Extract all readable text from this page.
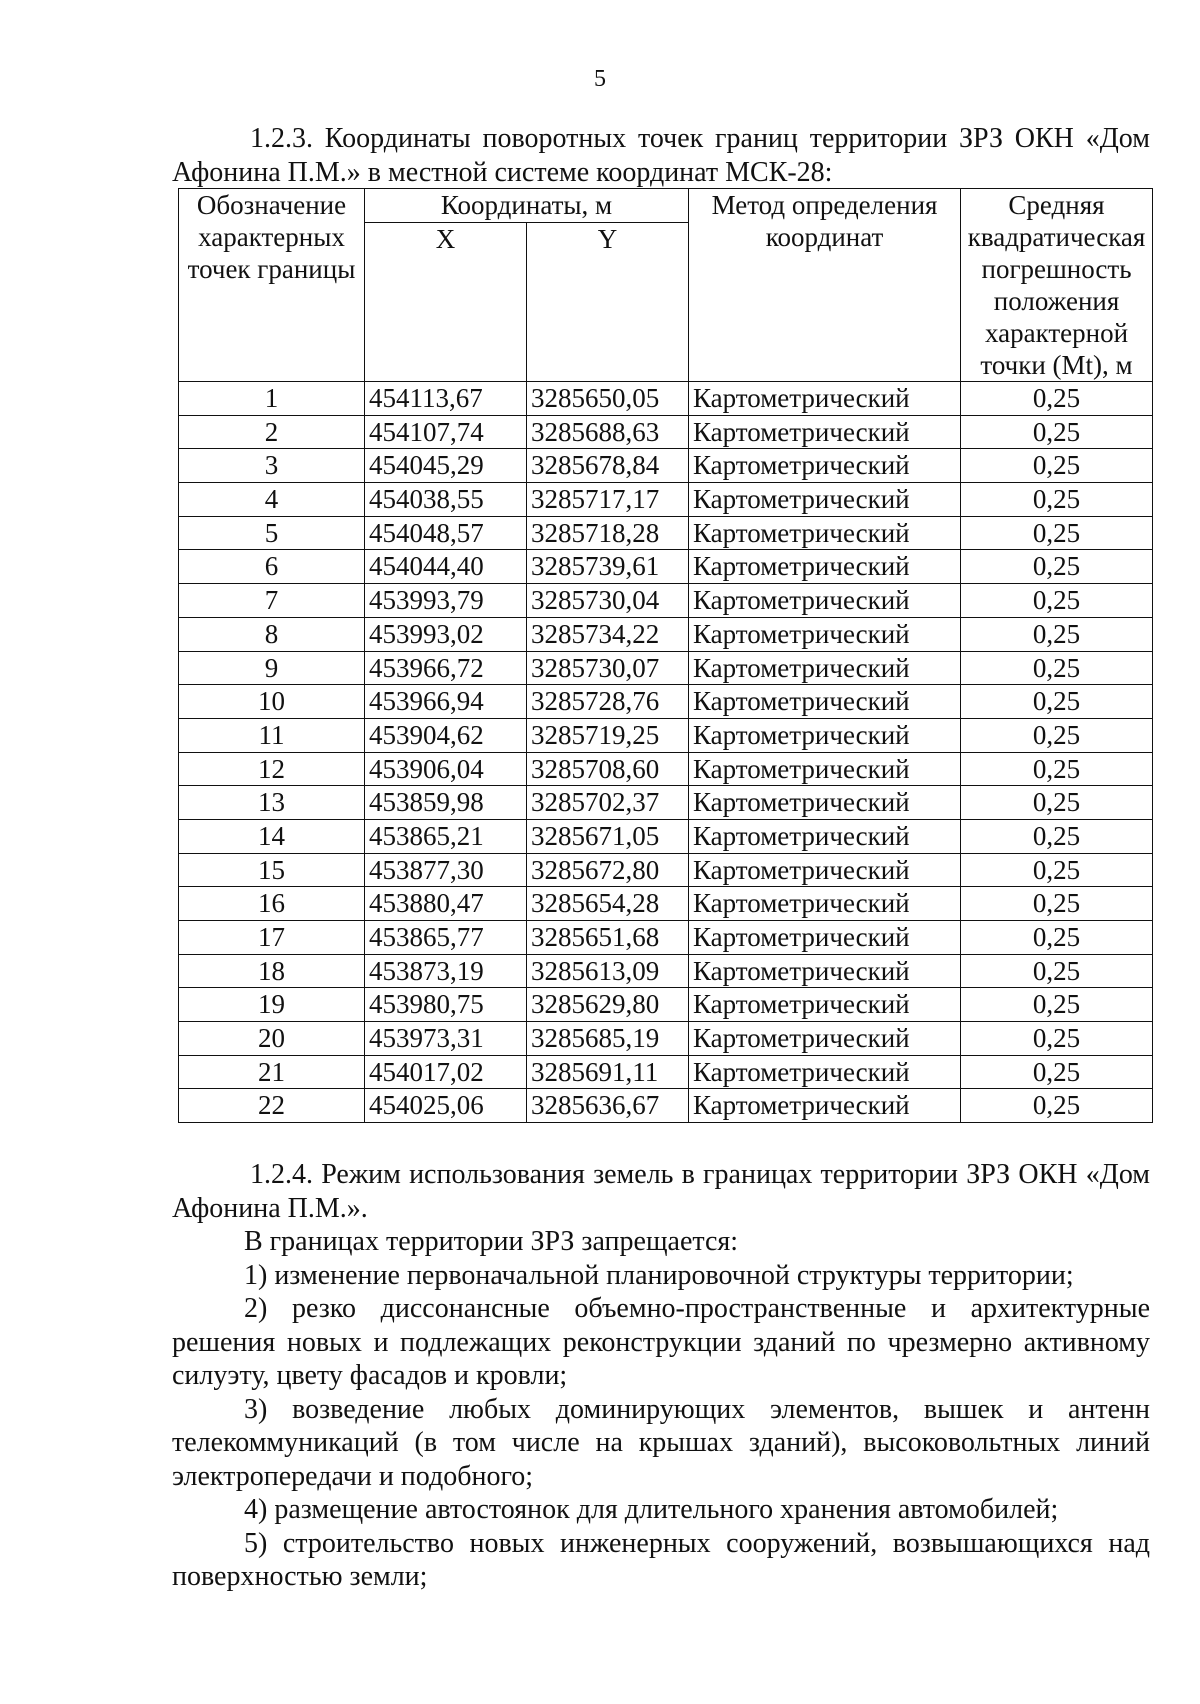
5
1.2.3. Координаты поворотных точек границ территории ЗРЗ ОКН «Дом Афонина П.М.» в местной системе координат МСК-28:
Обозначение характерных точек границы	Координаты, м		Метод определения координат	Средняя квадратическая погрешность положения характерной точки (Mt), м
	X	Y		
1	454113,67	3285650,05	Картометрический	0,25
2	454107,74	3285688,63	Картометрический	0,25
3	454045,29	3285678,84	Картометрический	0,25
4	454038,55	3285717,17	Картометрический	0,25
5	454048,57	3285718,28	Картометрический	0,25
6	454044,40	3285739,61	Картометрический	0,25
7	453993,79	3285730,04	Картометрический	0,25
8	453993,02	3285734,22	Картометрический	0,25
9	453966,72	3285730,07	Картометрический	0,25
10	453966,94	3285728,76	Картометрический	0,25
11	453904,62	3285719,25	Картометрический	0,25
12	453906,04	3285708,60	Картометрический	0,25
13	453859,98	3285702,37	Картометрический	0,25
14	453865,21	3285671,05	Картометрический	0,25
15	453877,30	3285672,80	Картометрический	0,25
16	453880,47	3285654,28	Картометрический	0,25
17	453865,77	3285651,68	Картометрический	0,25
18	453873,19	3285613,09	Картометрический	0,25
19	453980,75	3285629,80	Картометрический	0,25
20	453973,31	3285685,19	Картометрический	0,25
21	454017,02	3285691,11	Картометрический	0,25
22	454025,06	3285636,67	Картометрический	0,25

1.2.4. Режим использования земель в границах территории ЗРЗ ОКН «Дом Афонина П.М.».

В границах территории ЗРЗ запрещается:

1) изменение первоначальной планировочной структуры территории;

2) резко диссонансные объемно-пространственные и архитектурные решения новых и подлежащих реконструкции зданий по чрезмерно активному силуэту, цвету фасадов и кровли;

3) возведение любых доминирующих элементов, вышек и антенн телекоммуникаций (в том числе на крышах зданий), высоковольтных линий электропередачи и подобного;

4) размещение автостоянок для длительного хранения автомобилей;

5) строительство новых инженерных сооружений, возвышающихся над поверхностью земли;
